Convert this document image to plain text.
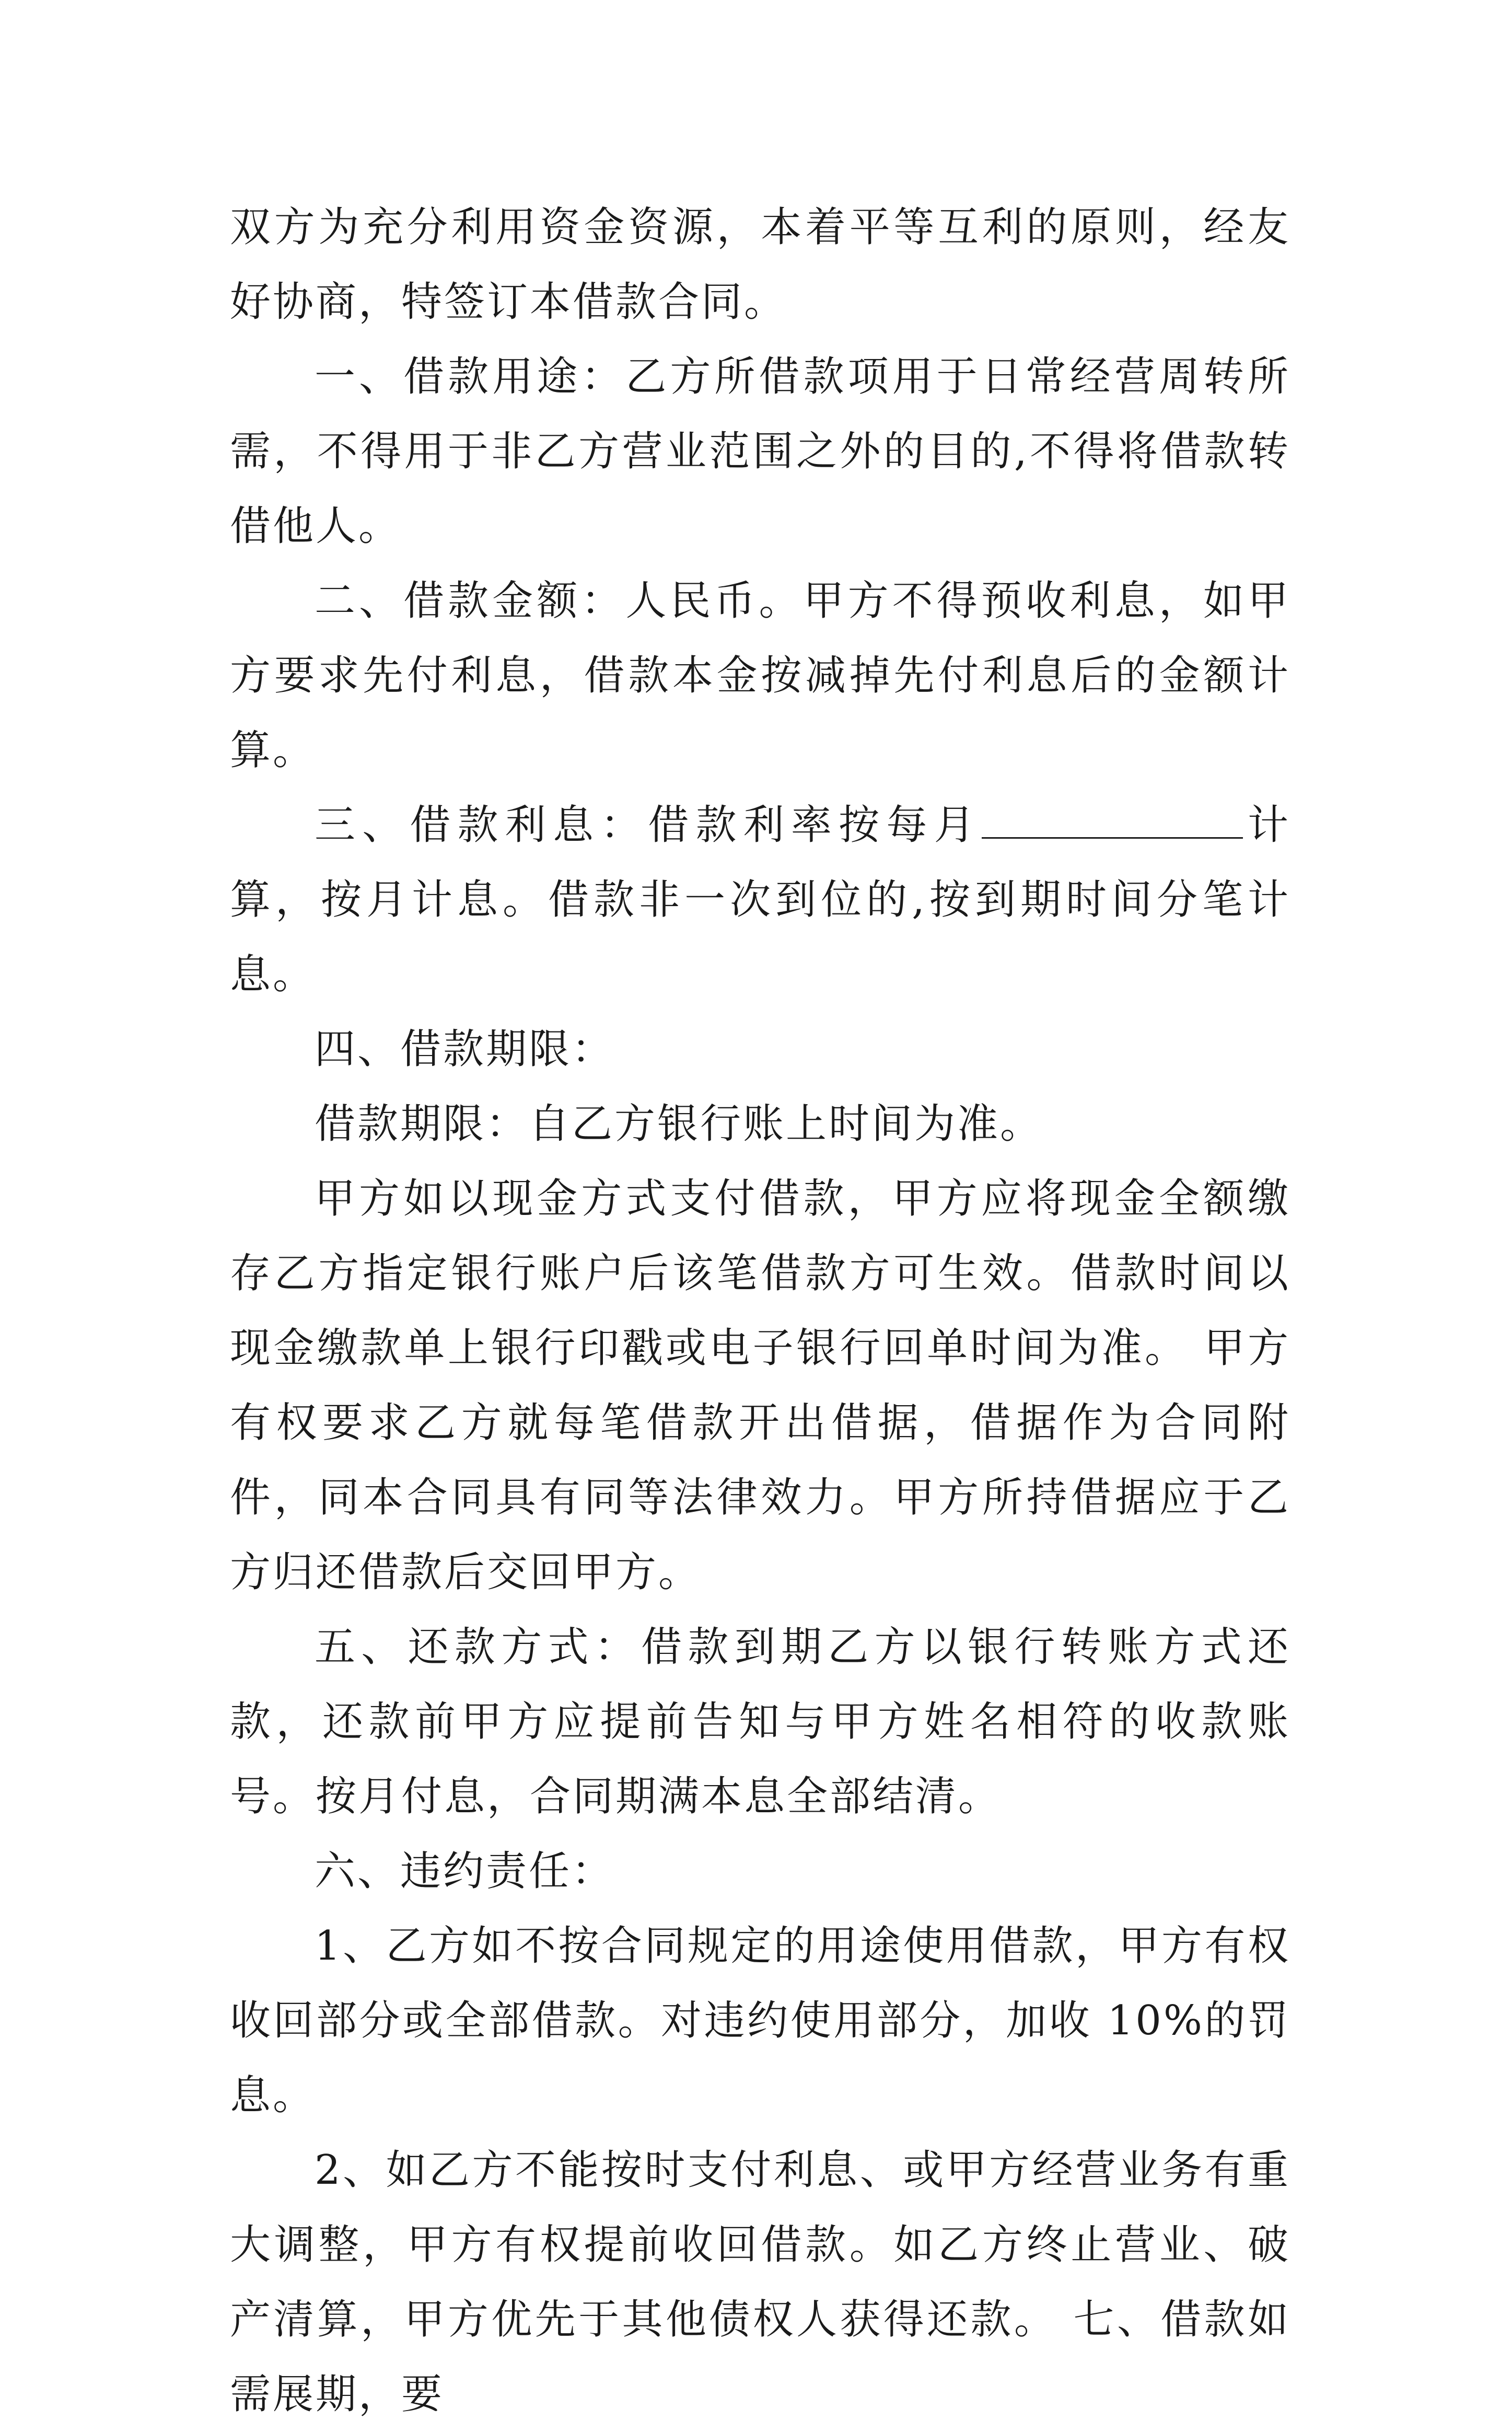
双方为充分利用资金资源，本着平等互利的原则，经友好协商，特签订本借款合同。

一、借款用途：乙方所借款项用于日常经营周转所需，不得用于非乙方营业范围之外的目的,不得将借款转借他人。

二、借款金额：人民币。甲方不得预收利息，如甲方要求先付利息，借款本金按减掉先付利息后的金额计算。

三、借款利息：借款利率按每月	计算，按月计息。借款非一次到位的,按到期时间分笔计息。

四、借款期限：

借款期限：自乙方银行账上时间为准。

甲方如以现金方式支付借款，甲方应将现金全额缴存乙方指定银行账户后该笔借款方可生效。借款时间以现金缴款单上银行印戳或电子银行回单时间为准。 甲方有权要求乙方就每笔借款开出借据，借据作为合同附件，同本合同具有同等法律效力。甲方所持借据应于乙方归还借款后交回甲方。

五、还款方式：借款到期乙方以银行转账方式还款，还款前甲方应提前告知与甲方姓名相符的收款账号。按月付息，合同期满本息全部结清。

六、违约责任：

1、乙方如不按合同规定的用途使用借款，甲方有权收回部分或全部借款。对违约使用部分，加收 10%的罚息。

2、如乙方不能按时支付利息、或甲方经营业务有重大调整，甲方有权提前收回借款。如乙方终止营业、破产清算，甲方优先于其他债权人获得还款。 七、借款如需展期，要
